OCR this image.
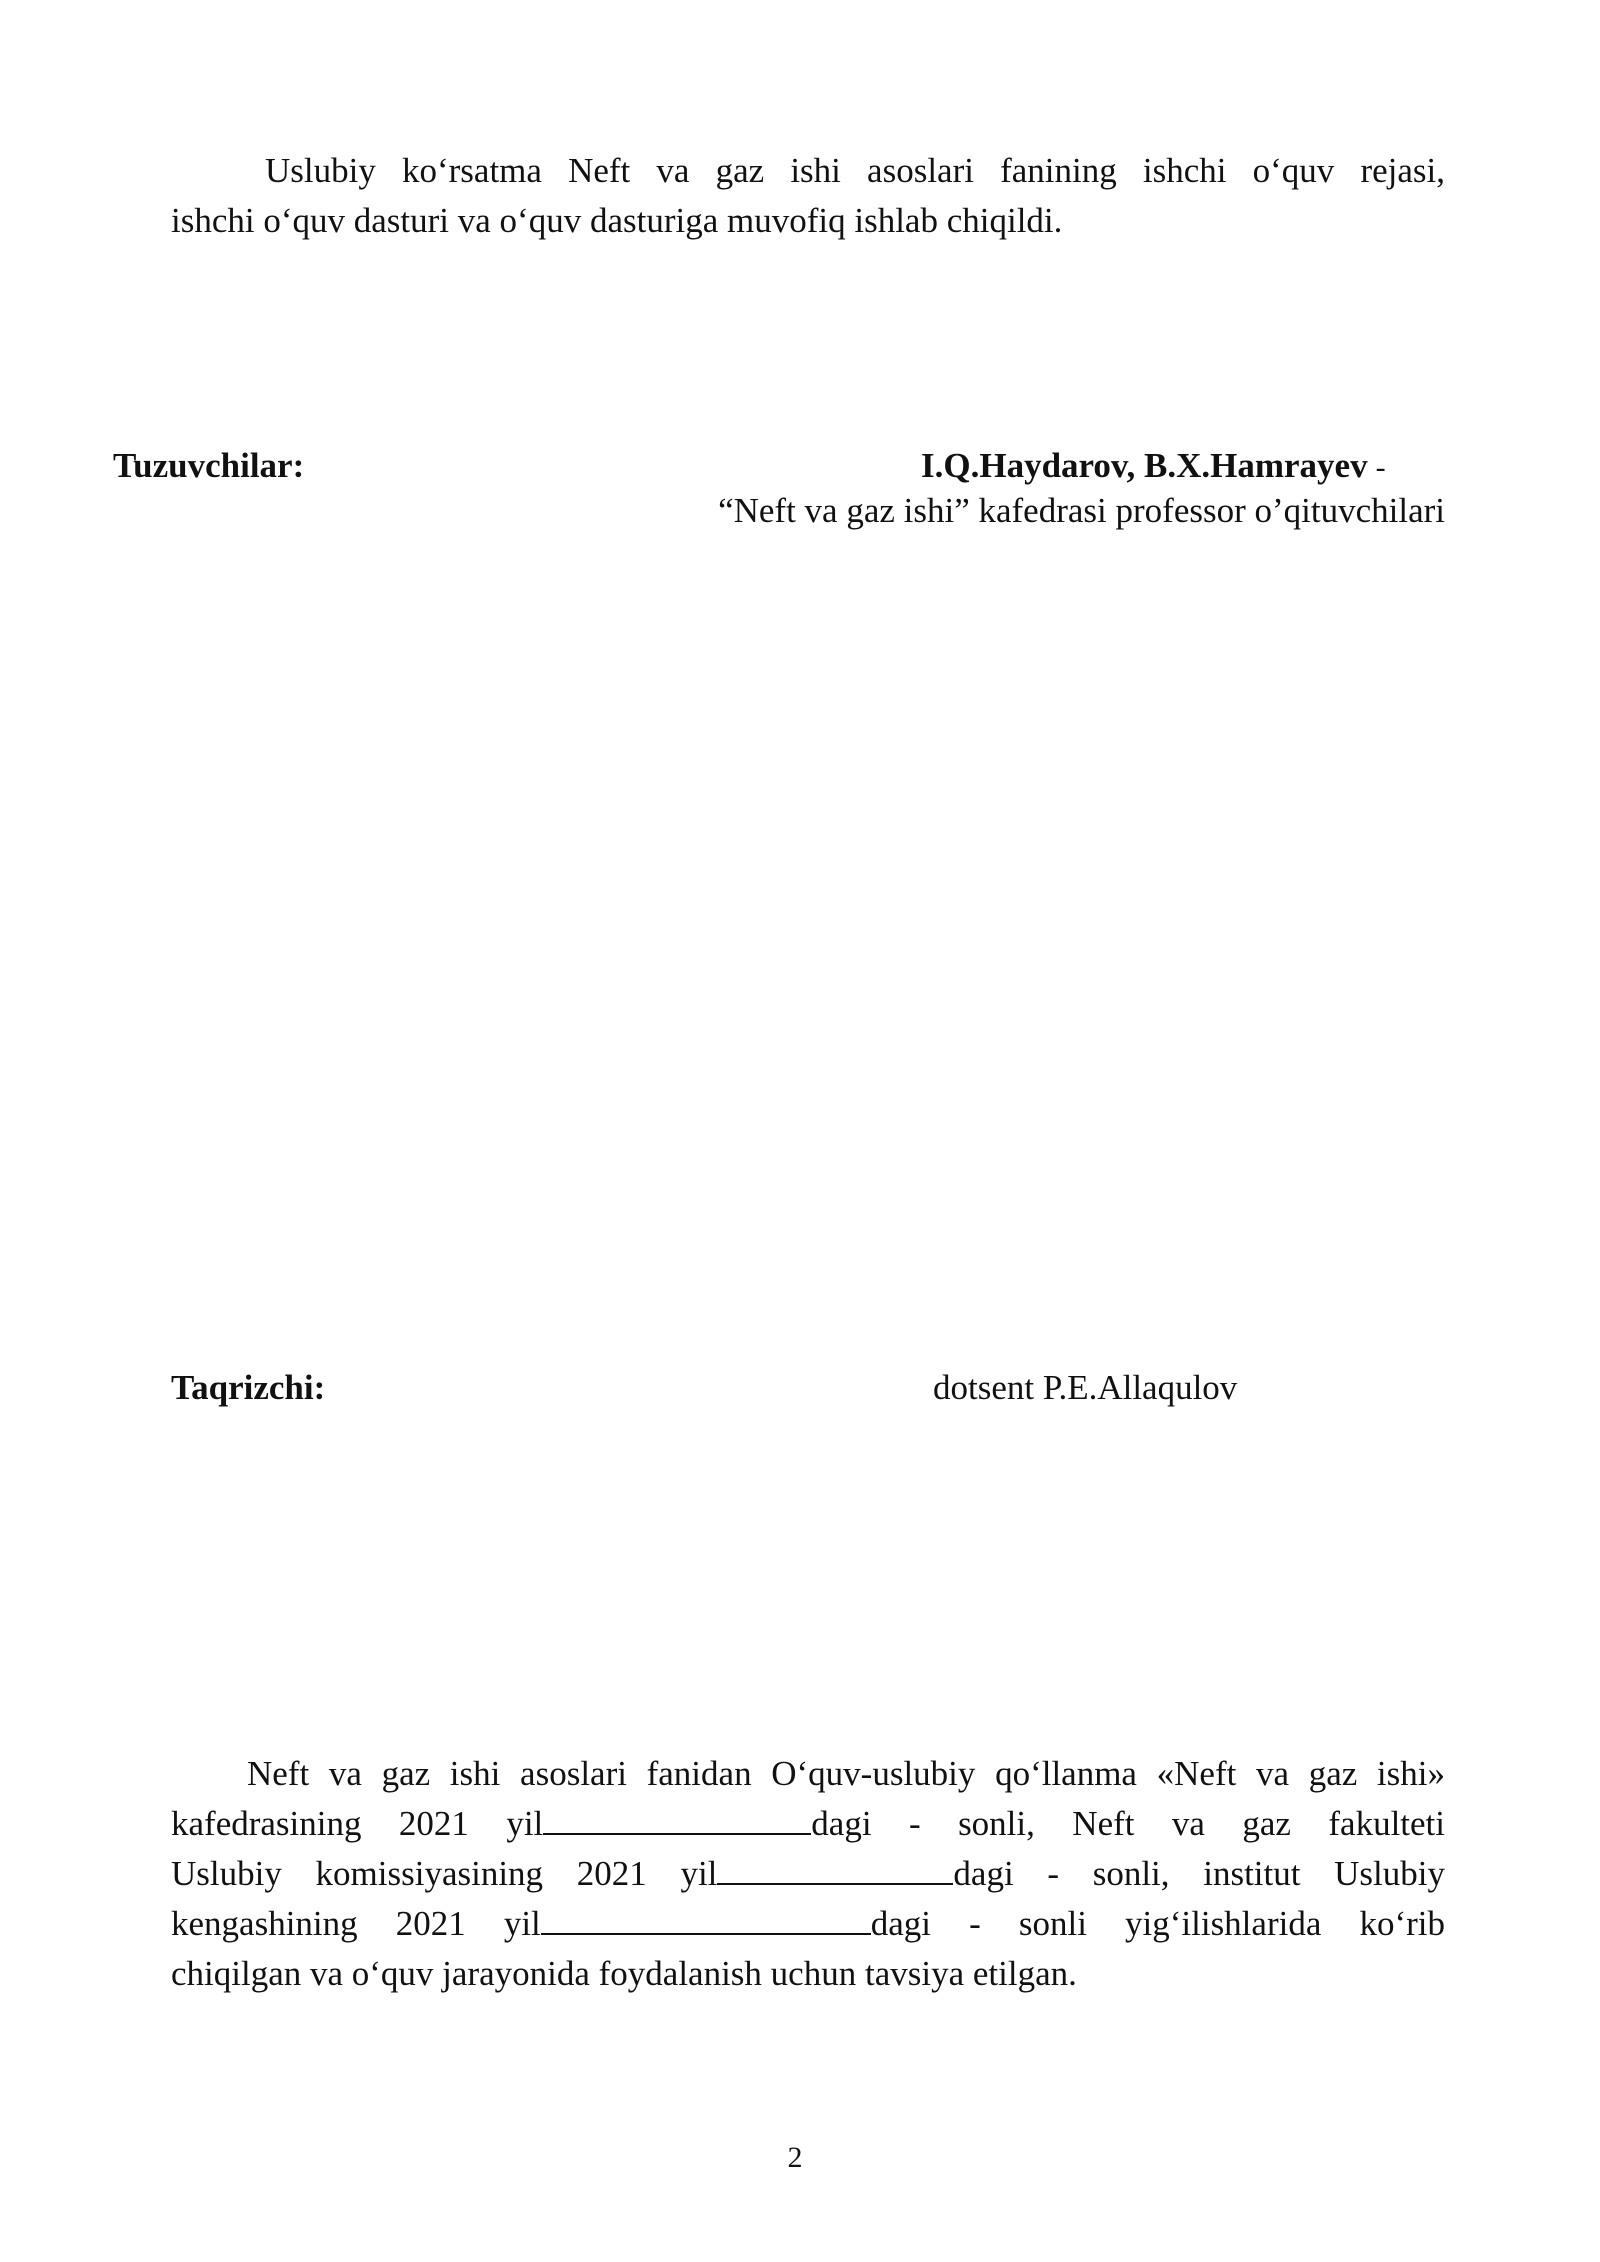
Uslubiy ko‘rsatma Neft va gaz ishi asoslari fanining ishchi o‘quv rejasi,
ishchi o‘quv dasturi va o‘quv dasturiga muvofiq ishlab chiqildi.
Tuzuvchilar:	I.Q.Haydarov, B.X.Hamrayev -
“Neft va gaz ishi” kafedrasi professor o’qituvchilari
Taqrizchi:	dotsent P.E.Allaqulov
Neft va gaz ishi asoslari fanidan O‘quv-uslubiy qo‘llanma «Neft va gaz ishi»
kafedrasining 2021 yil	dagi - sonli, Neft va gaz fakulteti
Uslubiy komissiyasining 2021 yil	dagi - sonli, institut Uslubiy
kengashining 2021 yil	dagi - sonli yig‘ilishlarida ko‘rib
chiqilgan va o‘quv jarayonida foydalanish uchun tavsiya etilgan.
2
